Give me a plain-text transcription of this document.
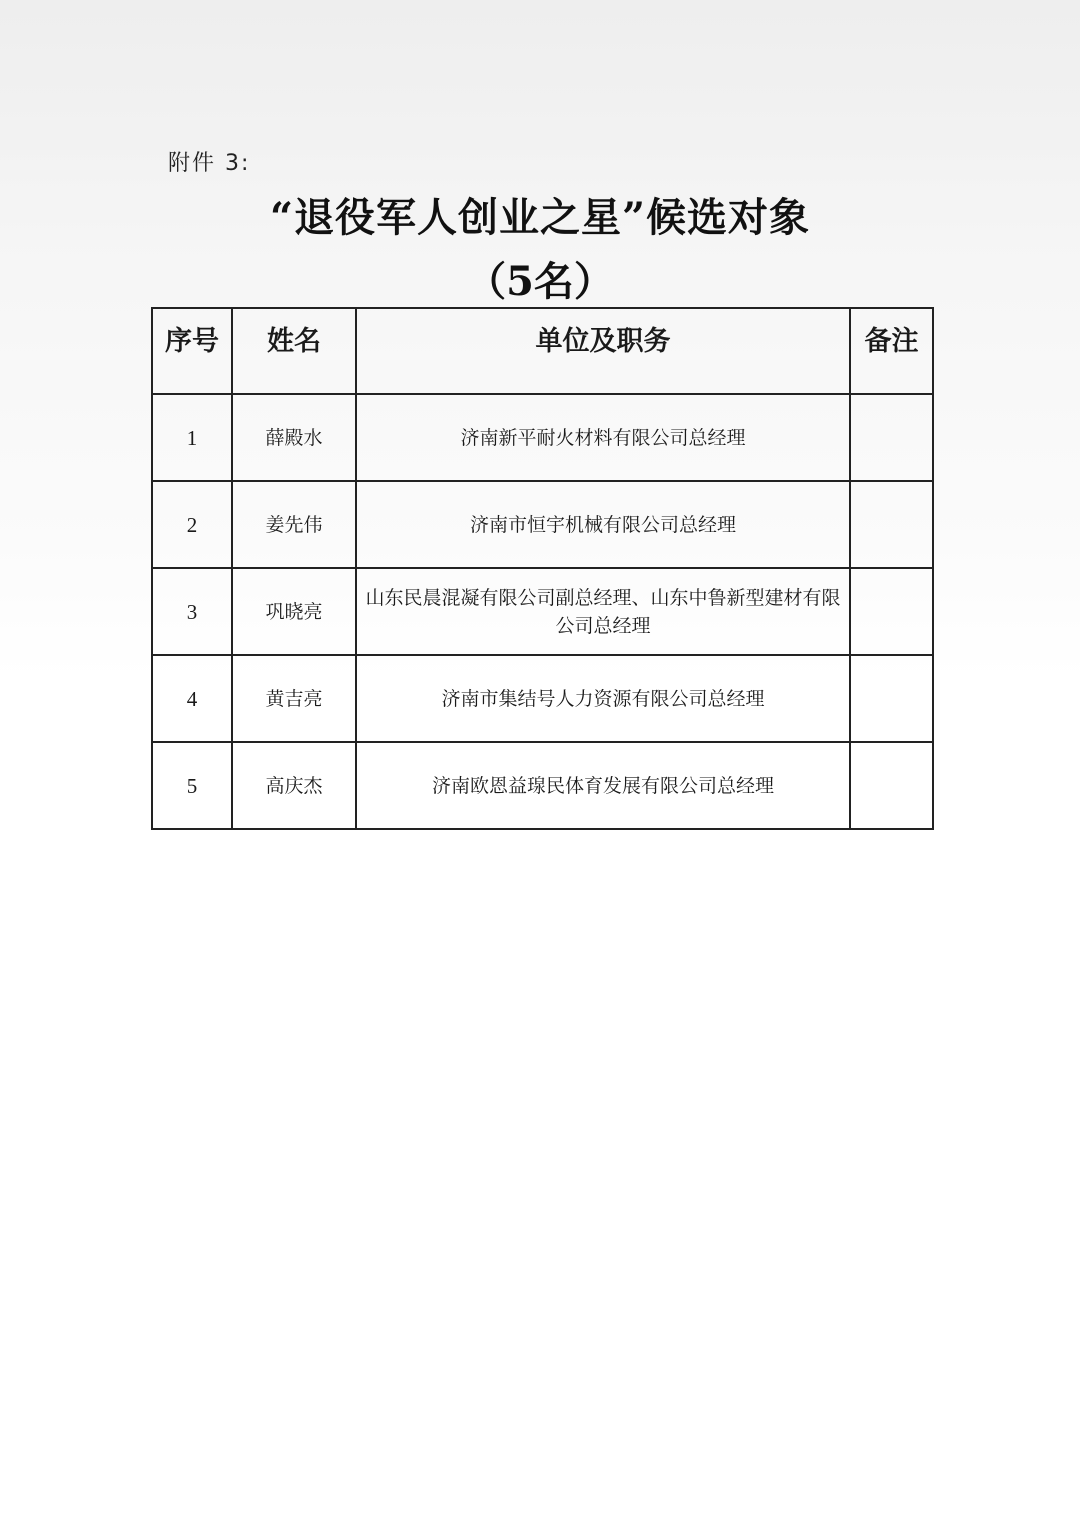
附件 3:
“退役军人创业之星”候选对象
（5名）
序号	姓名	单位及职务	备注
1	薛殿水	济南新平耐火材料有限公司总经理	
2	姜先伟	济南市恒宇机械有限公司总经理	
3	巩晓亮	山东民晨混凝有限公司副总经理、山东中鲁新型建材有限公司总经理	
4	黄吉亮	济南市集结号人力资源有限公司总经理	
5	高庆杰	济南欧恩益瑔民体育发展有限公司总经理	
